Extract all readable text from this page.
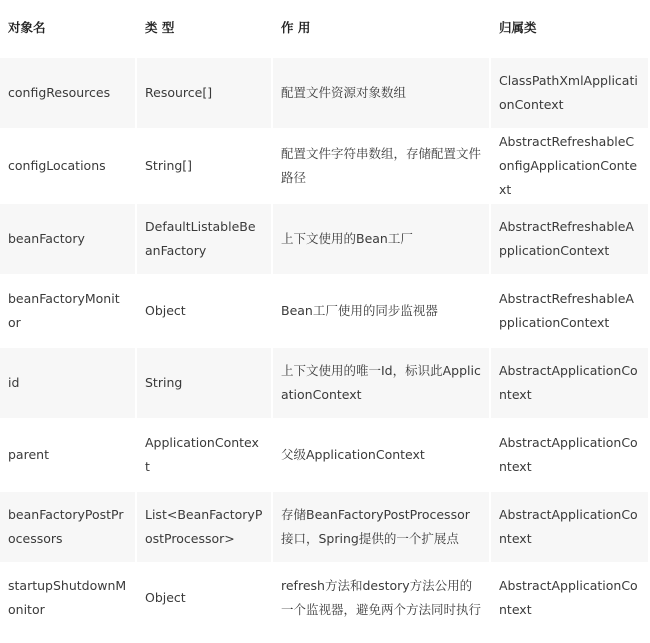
对象名	类 型	作 用	归属类
configResources	Resource[]	配置文件资源对象数组	ClassPathXmlApplicationContext
configLocations	String[]	配置文件字符串数组，存储配置文件路径	AbstractRefreshableConfigApplicationContext
beanFactory	DefaultListableBeanFactory	上下文使用的Bean工厂	AbstractRefreshableApplicationContext
beanFactoryMonitor	Object	Bean工厂使用的同步监视器	AbstractRefreshableApplicationContext
id	String	上下文使用的唯一Id，标识此ApplicationContext	AbstractApplicationContext
parent	ApplicationContext	父级ApplicationContext	AbstractApplicationContext
beanFactoryPostProcessors	List<BeanFactoryPostProcessor>	存储BeanFactoryPostProcessor接口，Spring提供的一个扩展点	AbstractApplicationContext
startupShutdownMonitor	Object	refresh方法和destory方法公用的一个监视器，避免两个方法同时执行	AbstractApplicationContext
